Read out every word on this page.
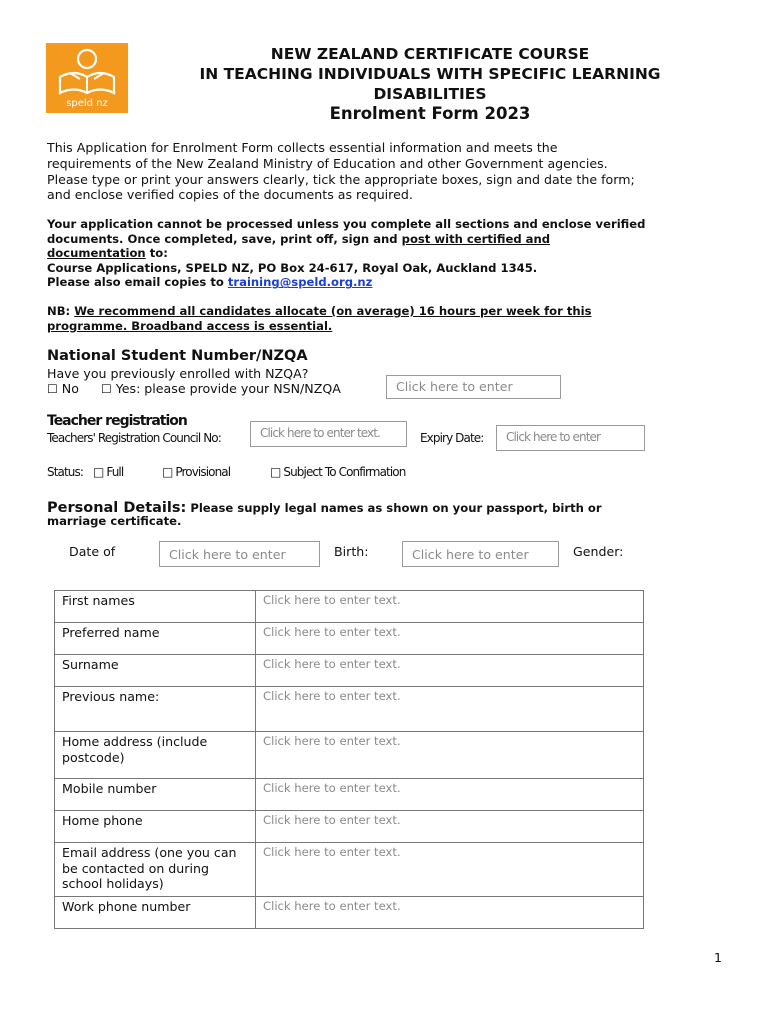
speld nz
NEW ZEALAND CERTIFICATE COURSE
IN TEACHING INDIVIDUALS WITH SPECIFIC LEARNING
DISABILITIES
Enrolment Form 2023
This Application for Enrolment Form collects essential information and meets the
requirements of the New Zealand Ministry of Education and other Government agencies.
Please type or print your answers clearly, tick the appropriate boxes, sign and date the form;
and enclose verified copies of the documents as required.
Your application cannot be processed unless you complete all sections and enclose verified
documents. Once completed, save, print off, sign and post with certified and
documentation to:
Course Applications, SPELD NZ, PO Box 24-617, Royal Oak, Auckland 1345.
Please also email copies to training@speld.org.nz
NB: We recommend all candidates allocate (on average) 16 hours per week for this
programme. Broadband access is essential.
National Student Number/NZQA
Have you previously enrolled with NZQA?
☐ No ☐ Yes: please provide your NSN/NZQA	Click here to enter
Teacher registration
Teachers' Registration Council No:	Click here to enter text.	Expiry Date:	Click here to enter
Status: □ Full	□ Provisional	□ Subject To Confirmation
Personal Details: Please supply legal names as shown on your passport, birth or
marriage certificate.
Date of	Click here to enter	Birth:	Click here to enter	Gender:
First names	Click here to enter text.
Preferred name	Click here to enter text.
Surname	Click here to enter text.
Previous name:	Click here to enter text.
Home address (include postcode)	Click here to enter text.
Mobile number	Click here to enter text.
Home phone	Click here to enter text.
Email address (one you can be contacted on during school holidays)	Click here to enter text.
Work phone number	Click here to enter text.
1
